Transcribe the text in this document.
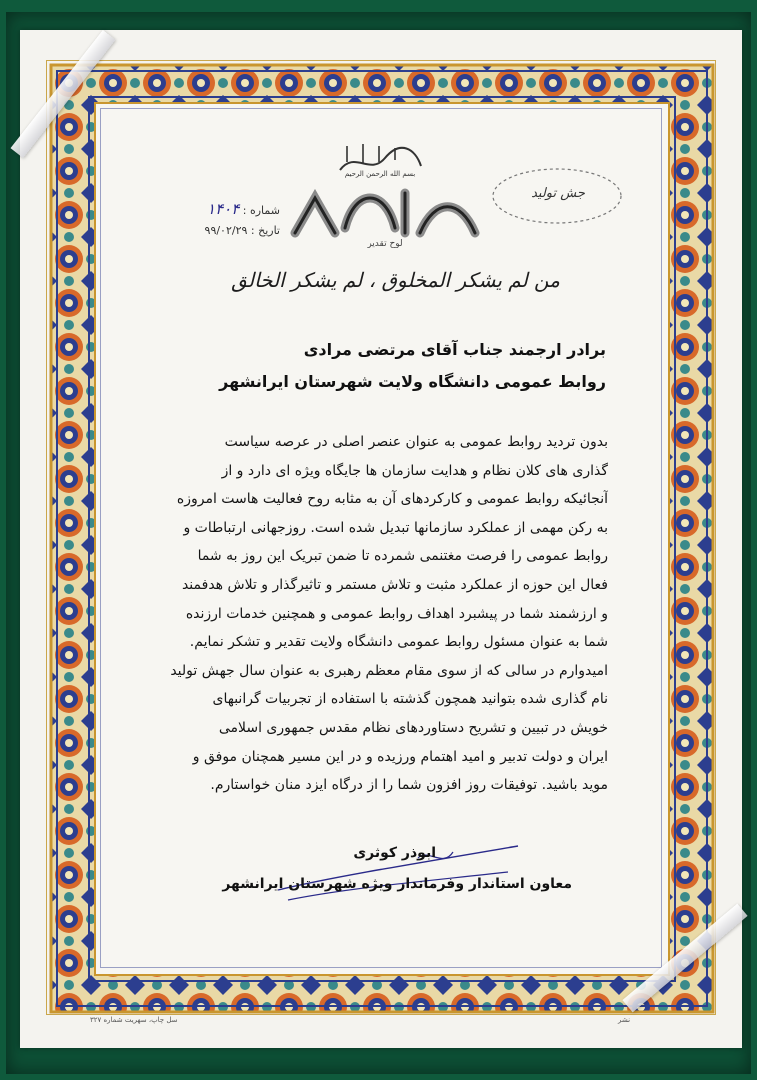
بسم الله الرحمن الرحیم
لوح تقدیر
جش تولید
شماره : ۱۴۰۴
تاریخ : ۹۹/۰۲/۲۹
من لم یشکر المخلوق ، لم یشکر الخالق
برادر ارجمند جناب آقای مرتضی مرادی
روابط عمومی دانشگاه ولایت شهرستان ایرانشهر

بدون تردید روابط عمومی به عنوان عنصر اصلی در عرصه سیاست

گذاری های کلان نظام و هدایت سازمان ها جایگاه ویژه ای دارد و از

آنجائیکه روابط عمومی و کارکردهای آن به مثابه روح فعالیت هاست امروزه

به رکن مهمی از عملکرد سازمانها تبدیل شده است. روزجهانی ارتباطات و

روابط عمومی را فرصت مغتنمی شمرده تا ضمن تبریک این روز به شما

فعال این حوزه از عملکرد مثبت و تلاش مستمر و تاثیرگذار و تلاش هدفمند

و ارزشمند شما در پیشبرد اهداف روابط عمومی و همچنین خدمات ارزنده

شما به عنوان مسئول روابط عمومی دانشگاه ولایت تقدیر و تشکر نمایم.

امیدوارم در سالی که از سوی مقام معظم رهبری به عنوان سال جهش تولید

نام گذاری شده بتوانید همچون گذشته با استفاده از تجربیات گرانبهای

خویش در تبیین و تشریح دستاوردهای نظام مقدس جمهوری اسلامی

ایران و دولت تدبیر و امید اهتمام ورزیده و در این مسیر همچنان موفق و

موید باشید. توفیقات روز افزون شما را از درگاه ایزد منان خواستارم.

ابوذر کوثری
معاون استاندار وفرماندار ویژه شهرستان ایرانشهر
سل چاپ، سهریت شماره ۳۲۷	نشر
